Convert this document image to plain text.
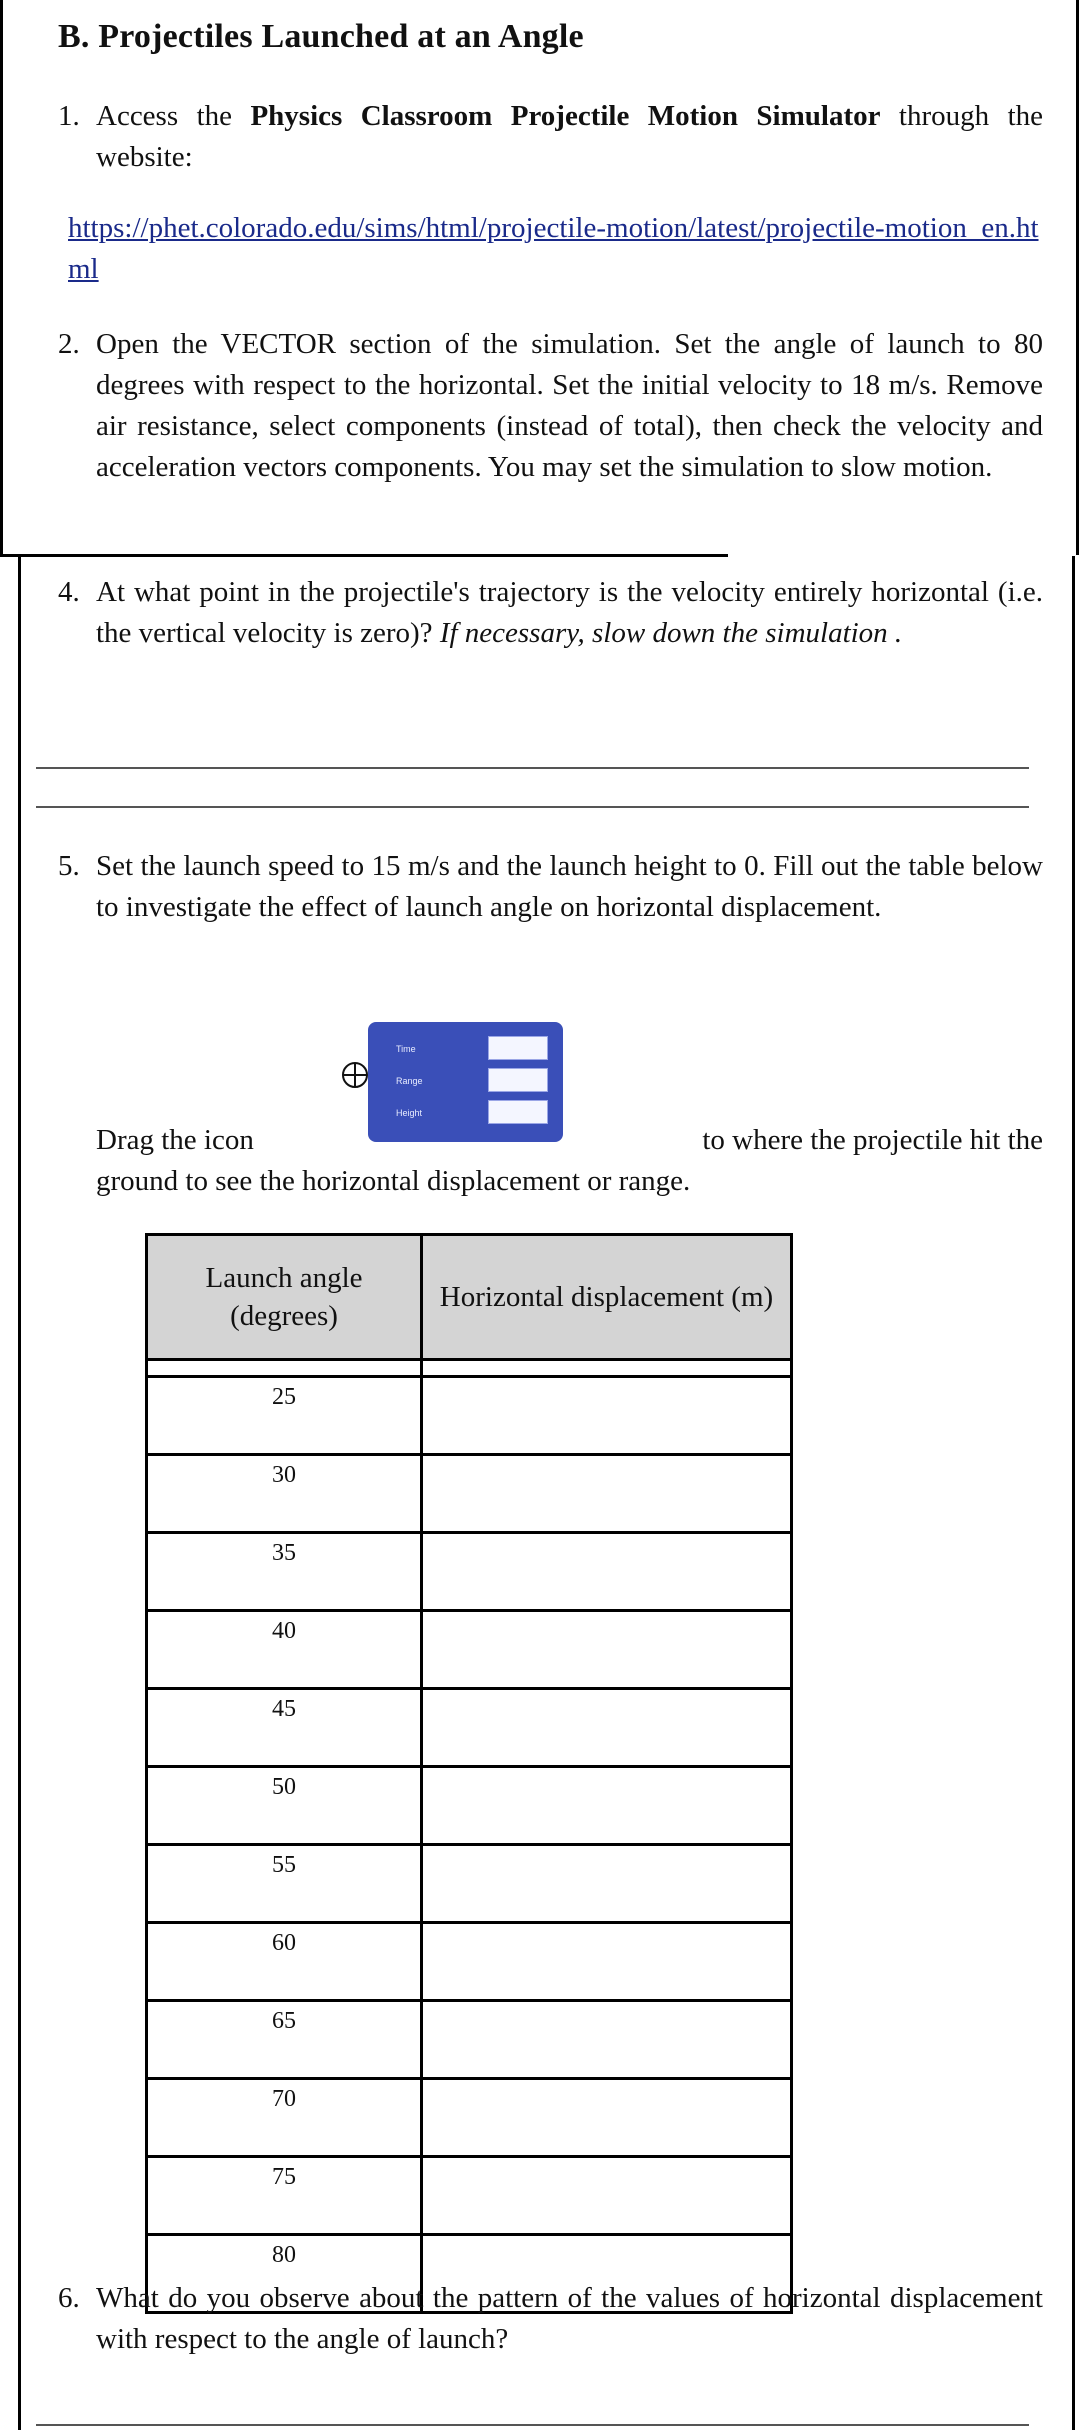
B. Projectiles Launched at an Angle
1. Access the Physics Classroom Projectile Motion Simulator through the website:
https://phet.colorado.edu/sims/html/projectile-motion/latest/projectile-motion_en.html
2. Open the VECTOR section of the simulation. Set the angle of launch to 80 degrees with respect to the horizontal. Set the initial velocity to 18 m/s. Remove air resistance, select components (instead of total), then check the velocity and acceleration vectors components. You may set the simulation to slow motion.
4. At what point in the projectile's trajectory is the velocity entirely horizontal (i.e. the vertical velocity is zero)? If necessary, slow down the simulation .
5. Set the launch speed to 15 m/s and the launch height to 0. Fill out the table below to investigate the effect of launch angle on horizontal displacement.
Time
Range
Height
Drag the icon	to where the projectile hit the
ground to see the horizontal displacement or range.
Launch angle (degrees)	Horizontal displacement (m)

25	
30	
35	
40	
45	
50	
55	
60	
65	
70	
75	
80	
6. What do you observe about the pattern of the values of horizontal displacement with respect to the angle of launch?
